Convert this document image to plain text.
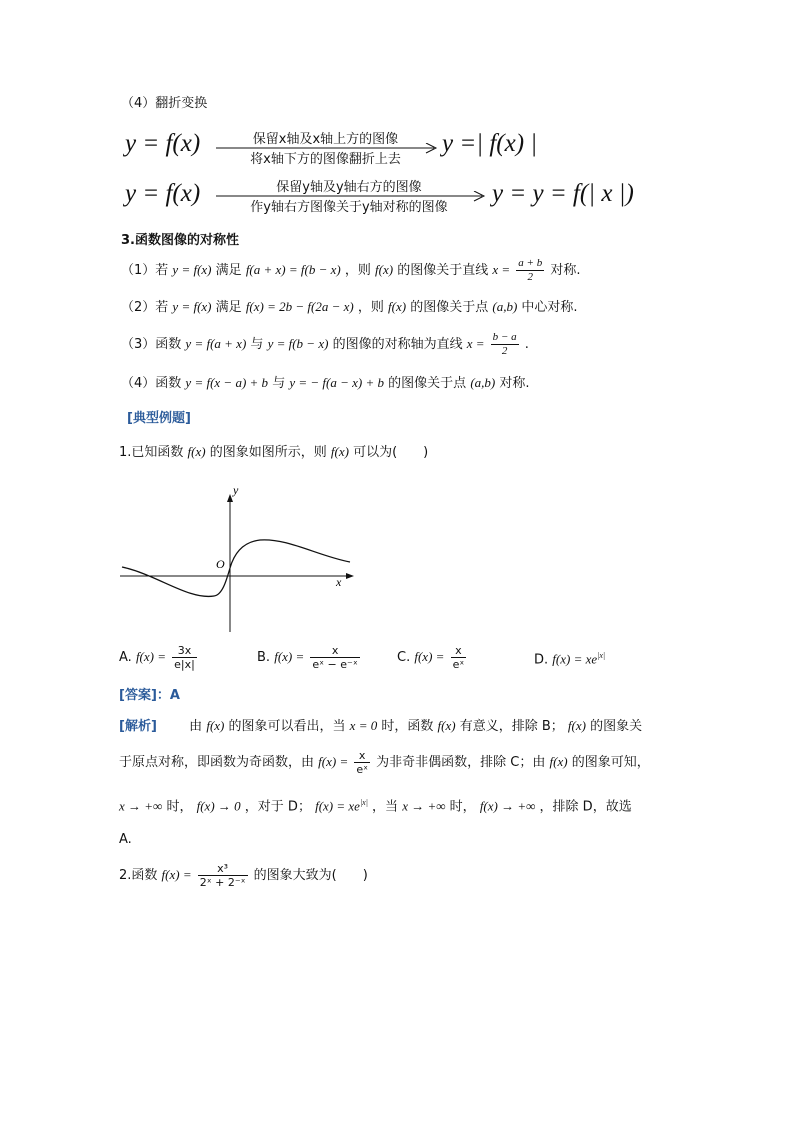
（4）翻折变换
y = f(x)	保留x轴及x轴上方的图像
将x轴下方的图像翻折上去
y =| f(x) |
y = f(x)	保留y轴及y轴右方的图像
作y轴右方图像关于y轴对称的图像
y = y = f(| x |)
3.函数图像的对称性
（1）若 y = f(x) 满足 f(a + x) = f(b − x) ，则 f(x) 的图像关于直线 $x = \frac{a + b}{2}$ 对称.
（2）若 y = f(x) 满足 f(x) = 2b − f(2a − x) ，则 f(x) 的图像关于点 (a,b) 中心对称.
（3）函数 y = f(a + x) 与 y = f(b − x) 的图像的对称轴为直线 $x = \frac{b - a}{2}$ .
（4）函数 y = f(x − a) + b 与 y = − f(a − x) + b 的图像关于点 (a,b) 对称.
[典型例题]
1.已知函数 f(x) 的图象如图所示，则 f(x) 可以为(　　)
y
x
O
A. $f(x) = \frac{3x}{e|x|}$	B. $f(x) = \frac{x}{\text{eˣ − e⁻ˣ}}$	C. $f(x) = \frac{x}{\text{eˣ}}$	D. $f(x) = xe^{|x|}$
[答案]：A
[解析] 由 f(x) 的图象可以看出，当 x = 0 时，函数 f(x) 有意义，排除 B； f(x) 的图象关
于原点对称，即函数为奇函数，由 $f(x) = \frac{x}{\text{eˣ}}$ 为非奇非偶函数，排除 C；由 f(x) 的图象可知，
x → +∞ 时， f(x) → 0 ，对于 D； $f(x) = xe^{|x|}$ ，当 x → +∞ 时， f(x) → +∞ ，排除 D，故选
A.
2.函数 $f(x) = \frac{\text{x³}}{\text{2ˣ + 2⁻ˣ}}$ 的图象大致为(　　)
